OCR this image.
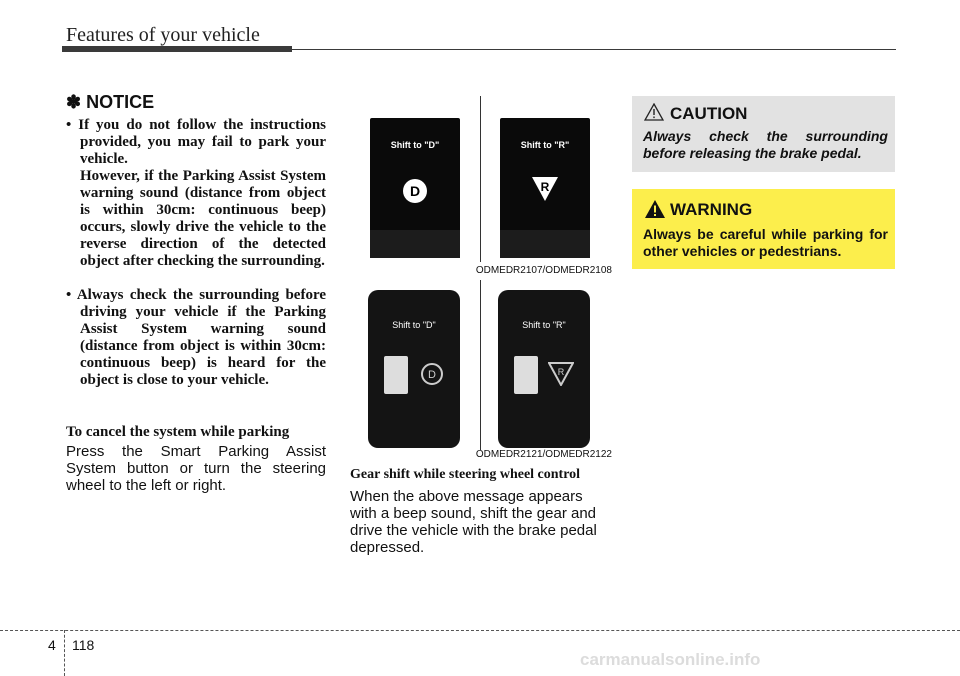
Features of your vehicle
✽ NOTICE

• If you do not follow the instructions provided, you may fail to park your vehicle.

However, if the Parking Assist System warning sound (distance from object is within 30cm: continuous beep) occurs, slowly drive the vehicle to the reverse direction of the detected object after checking the surrounding.

• Always check the surrounding before driving your vehicle if the Parking Assist System warning sound (distance from object is within 30cm: continuous beep) is heard for the object is close to your vehicle.

To cancel the system while parking
Press the Smart Parking Assist System button or turn the steering wheel to the left or right.
Shift to "D"
D
Shift to "R"
R
Shift to "D"
D
Shift to "R"
R
ODMEDR2107/ODMEDR2108
ODMEDR2121/ODMEDR2122
Gear shift while steering wheel control
When the above message appears with a beep sound, shift the gear and drive the vehicle with the brake pedal depressed.
CAUTION
Always check the surrounding before releasing the brake pedal.
WARNING
Always be careful while parking for other vehicles or pedestrians.
4 118
carmanualsonline.info
